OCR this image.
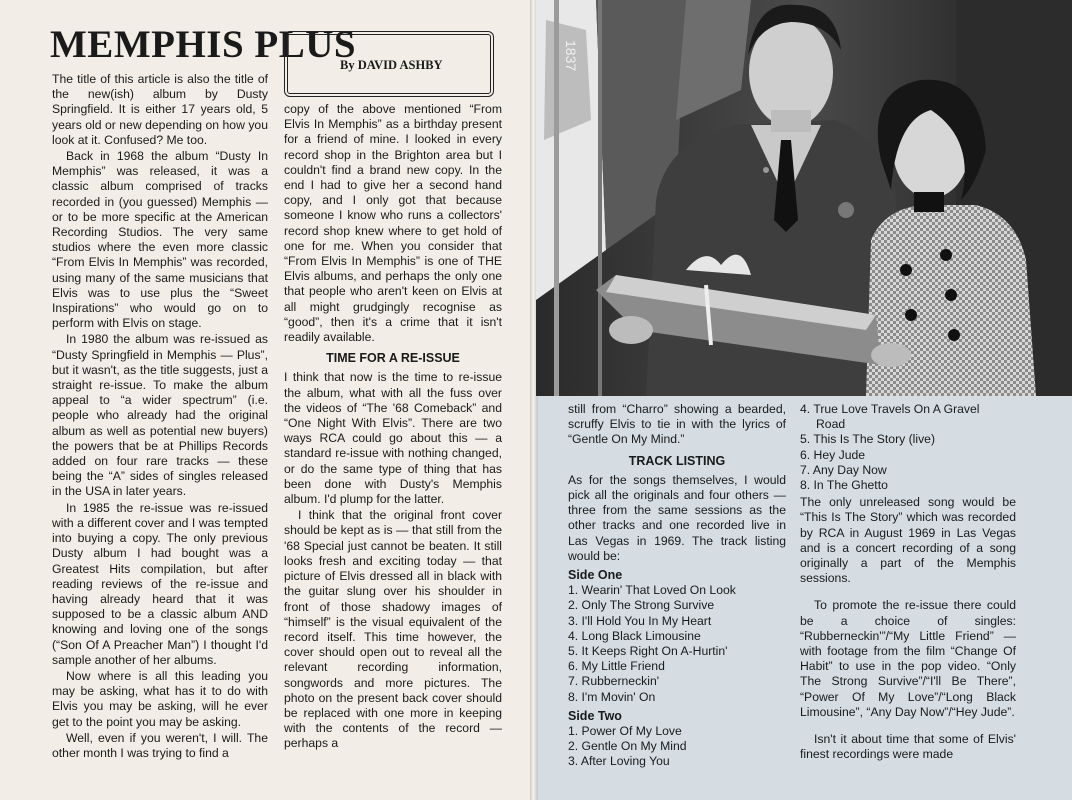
MEMPHIS PLUS
By DAVID ASHBY

The title of this article is also the title of the new(ish) album by Dusty Springfield. It is either 17 years old, 5 years old or new depending on how you look at it. Confused? Me too.

Back in 1968 the album “Dusty In Memphis” was released, it was a classic album comprised of tracks recorded in (you guessed) Memphis — or to be more specific at the American Recording Studios. The very same studios where the even more classic “From Elvis In Memphis” was recorded, using many of the same musicians that Elvis was to use plus the “Sweet Inspirations” who would go on to perform with Elvis on stage.

In 1980 the album was re-issued as “Dusty Springfield in Memphis — Plus”, but it wasn't, as the title suggests, just a straight re-issue. To make the album appeal to “a wider spectrum” (i.e. people who already had the original album as well as potential new buyers) the powers that be at Phillips Records added on four rare tracks — these being the “A” sides of singles released in the USA in later years.

In 1985 the re-issue was re-issued with a different cover and I was tempted into buying a copy. The only previous Dusty album I had bought was a Greatest Hits compilation, but after reading reviews of the re-issue and having already heard that it was supposed to be a classic album AND knowing and loving one of the songs (“Son Of A Preacher Man”) I thought I'd sample another of her albums.

Now where is all this leading you may be asking, what has it to do with Elvis you may be asking, will he ever get to the point you may be asking.

Well, even if you weren't, I will. The other month I was trying to find a

copy of the above mentioned “From Elvis In Memphis” as a birthday present for a friend of mine. I looked in every record shop in the Brighton area but I couldn't find a brand new copy. In the end I had to give her a second hand copy, and I only got that because someone I know who runs a collectors' record shop knew where to get hold of one for me. When you consider that “From Elvis In Memphis” is one of THE Elvis albums, and perhaps the only one that people who aren't keen on Elvis at all might grudgingly recognise as “good”, then it's a crime that it isn't readily available.

TIME FOR A RE-ISSUE

I think that now is the time to re-issue the album, what with all the fuss over the videos of “The '68 Comeback” and “One Night With Elvis”. There are two ways RCA could go about this — a standard re-issue with nothing changed, or do the same type of thing that has been done with Dusty's Memphis album. I'd plump for the latter.

I think that the original front cover should be kept as is — that still from the '68 Special just cannot be beaten. It still looks fresh and exciting today — that picture of Elvis dressed all in black with the guitar slung over his shoulder in front of those shadowy images of “himself” is the visual equivalent of the record itself. This time however, the cover should open out to reveal all the relevant recording information, songwords and more pictures. The photo on the present back cover should be replaced with one more in keeping with the contents of the record — perhaps a

1837

still from “Charro” showing a bearded, scruffy Elvis to tie in with the lyrics of “Gentle On My Mind.”

TRACK LISTING

As for the songs themselves, I would pick all the originals and four others — three from the same sessions as the other tracks and one recorded live in Las Vegas in 1969. The track listing would be:

Side One
1. Wearin' That Loved On Look
2. Only The Strong Survive
3. I'll Hold You In My Heart
4. Long Black Limousine
5. It Keeps Right On A-Hurtin'
6. My Little Friend
7. Rubberneckin'
8. I'm Movin' On
Side Two
1. Power Of My Love
2. Gentle On My Mind
3. After Loving You
4. True Love Travels On A Gravel
Road
5. This Is The Story (live)
6. Hey Jude
7. Any Day Now
8. In The Ghetto

The only unreleased song would be “This Is The Story” which was recorded by RCA in August 1969 in Las Vegas and is a concert recording of a song originally a part of the Memphis sessions.

To promote the re-issue there could be a choice of singles: “Rubberneckin'”/“My Little Friend” — with footage from the film “Change Of Habit” to use in the pop video. “Only The Strong Survive”/“I'll Be There”, “Power Of My Love”/“Long Black Limousine”, “Any Day Now”/“Hey Jude”.

Isn't it about time that some of Elvis' finest recordings were made
